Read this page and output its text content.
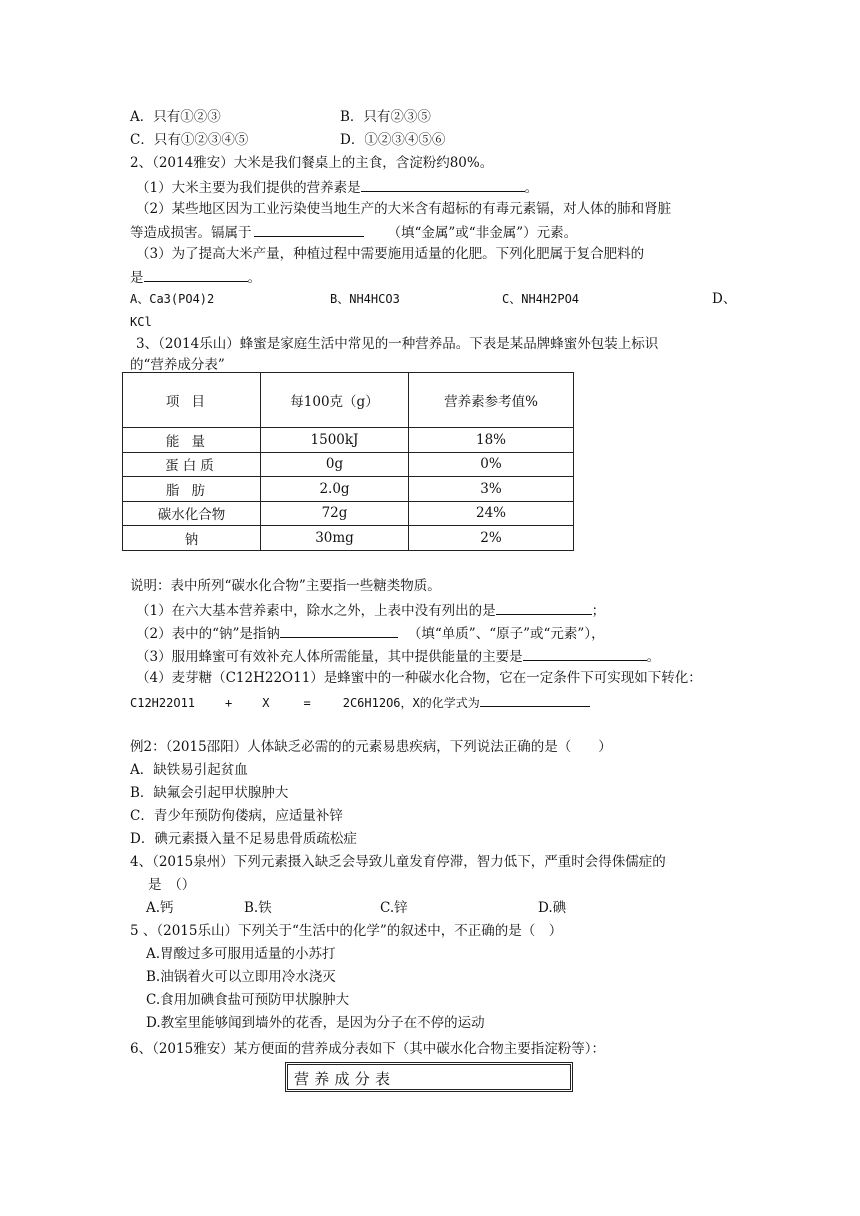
A．只有①②③	B．只有②③⑤
C．只有①②③④⑤	D．①②③④⑤⑥
2、（2014雅安）大米是我们餐桌上的主食，含淀粉约80%。
（1）大米主要为我们提供的营养素是	。
（2）某些地区因为工业污染使当地生产的大米含有超标的有毒元素镉，对人体的肺和肾脏
等造成损害。镉属于	（填“金属”或“非金属”）元素。
（3）为了提高大米产量，种植过程中需要施用适量的化肥。下列化肥属于复合肥料的
是	。
A、Ca3(PO4)2	B、NH4HCO3	C、NH4H2PO4	D、
KCl
3、（2014乐山）蜂蜜是家庭生活中常见的一种营养品。下表是某品牌蜂蜜外包装上标识
的“营养成分表”
项目	每100克（g）	营养素参考值%
能量	1500kJ	18%
蛋白质	0g	0%
脂肪	2.0g	3%
碳水化合物	72g	24%
钠	30mg	2%
说明：表中所列“碳水化合物”主要指一些糖类物质。
（1）在六大基本营养素中，除水之外，上表中没有列出的是	；
（2）表中的“钠”是指钠	（填“单质”、“原子”或“元素”），
（3）服用蜂蜜可有效补充人体所需能量，其中提供能量的主要是	。
（4）麦芽糖（C12H22O11）是蜂蜜中的一种碳水化合物，它在一定条件下可实现如下转化：
C12H22O11	+	X	=	2C6H12O6，X的化学式为
例2：（2015邵阳）人体缺乏必需的的元素易患疾病，下列说法正确的是（　　）
A．缺铁易引起贫血
B．缺氟会引起甲状腺肿大
C．青少年预防佝偻病，应适量补锌
D．碘元素摄入量不足易患骨质疏松症
4、（2015泉州）下列元素摄入缺乏会导致儿童发育停滞，智力低下，严重时会得侏儒症的
是　（）
A.钙	B.铁	C.锌	D.碘
5 、（2015乐山）下列关于“生活中的化学”的叙述中，不正确的是（　）
A.胃酸过多可服用适量的小苏打
B.油锅着火可以立即用冷水浇灭
C.食用加碘食盐可预防甲状腺肿大
D.教室里能够闻到墙外的花香，是因为分子在不停的运动
6、（2015雅安）某方便面的营养成分表如下（其中碳水化合物主要指淀粉等）：
营养成分表
